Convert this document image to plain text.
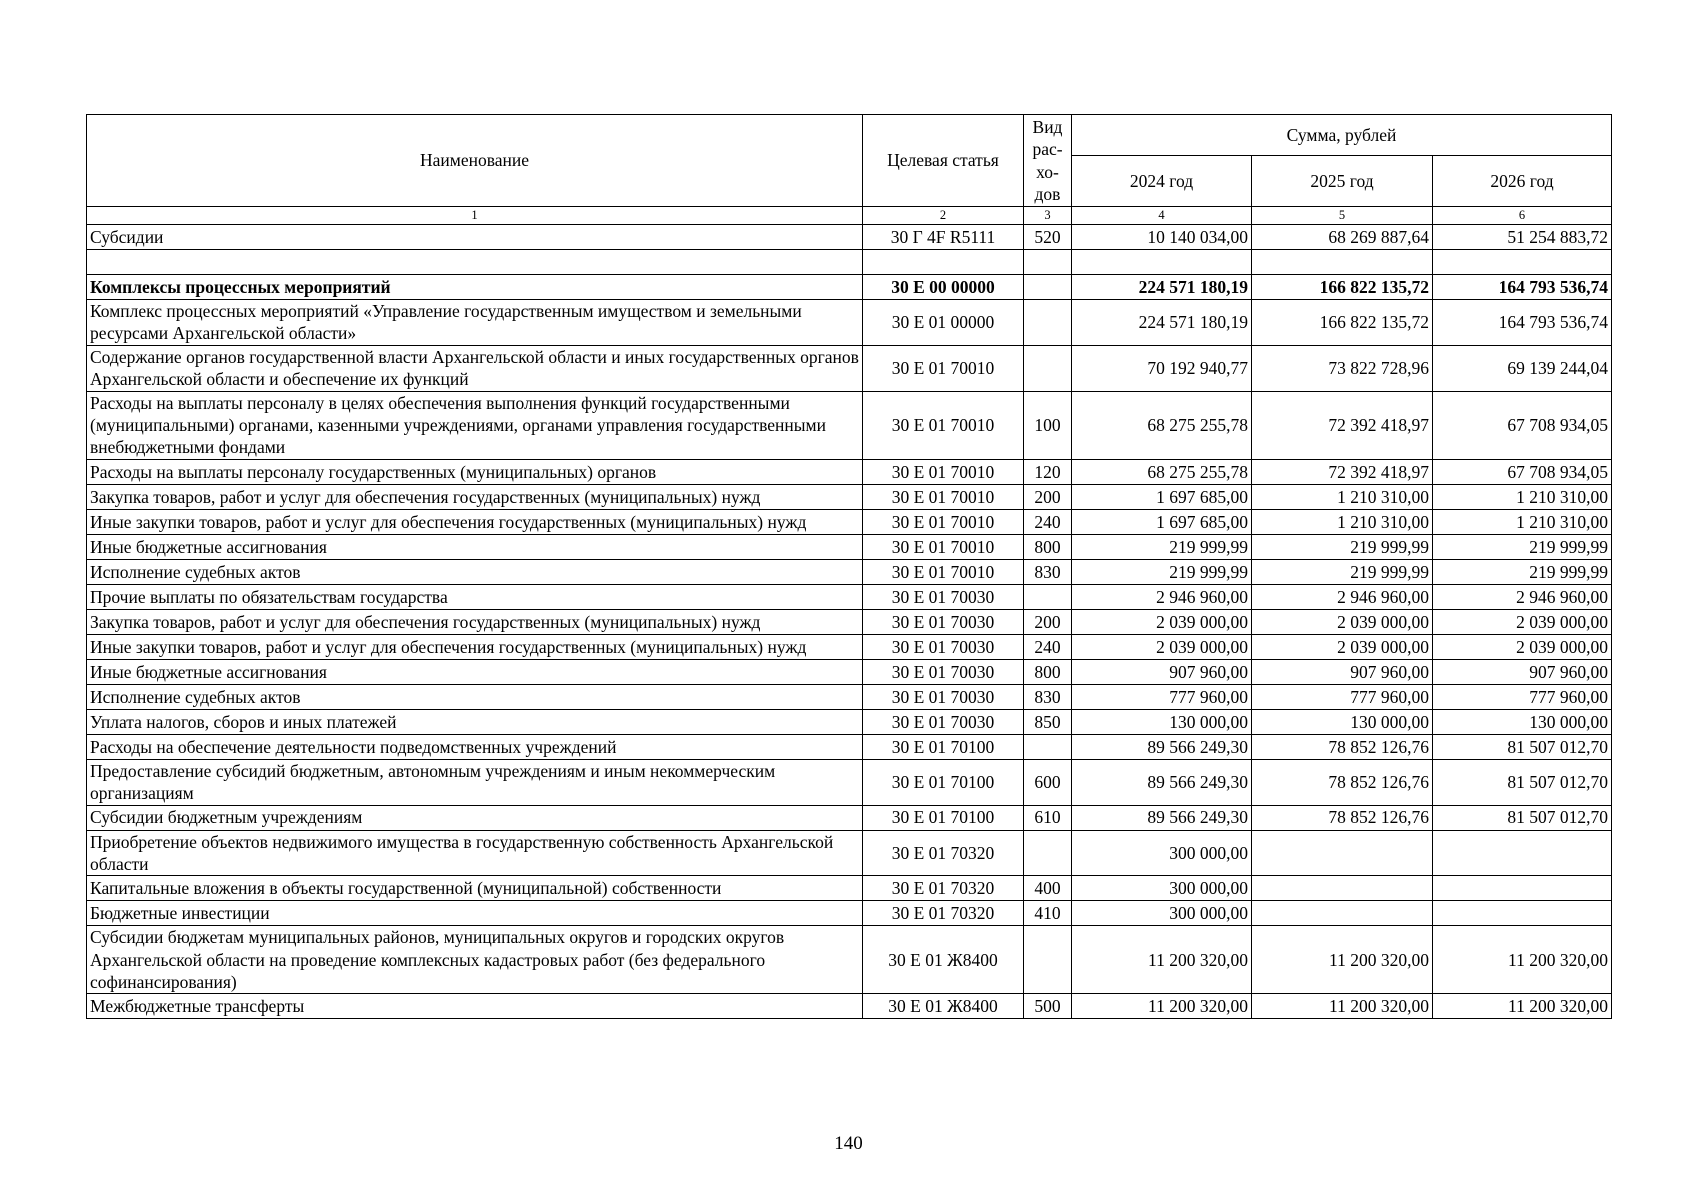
Наименование	Целевая статья	Вид рас-хо-дов	Сумма, рублей		
			2024 год	2025 год	2026 год
1	2	3	4	5	6
Субсидии	30 Г 4F R5111	520	10 140 034,00	68 269 887,64	51 254 883,72

Комплексы процессных мероприятий	30 Е 00 00000		224 571 180,19	166 822 135,72	164 793 536,74
Комплекс процессных мероприятий «Управление государственным имуществом и земельными ресурсами Архангельской области»	30 Е 01 00000		224 571 180,19	166 822 135,72	164 793 536,74
Содержание органов государственной власти Архангельской области и иных государственных органов Архангельской области и обеспечение их функций	30 Е 01 70010		70 192 940,77	73 822 728,96	69 139 244,04
Расходы на выплаты персоналу в целях обеспечения выполнения функций государственными (муниципальными) органами, казенными учреждениями, органами управления государственными внебюджетными фондами	30 Е 01 70010	100	68 275 255,78	72 392 418,97	67 708 934,05
Расходы на выплаты персоналу государственных (муниципальных) органов	30 Е 01 70010	120	68 275 255,78	72 392 418,97	67 708 934,05
Закупка товаров, работ и услуг для обеспечения государственных (муниципальных) нужд	30 Е 01 70010	200	1 697 685,00	1 210 310,00	1 210 310,00
Иные закупки товаров, работ и услуг для обеспечения государственных (муниципальных) нужд	30 Е 01 70010	240	1 697 685,00	1 210 310,00	1 210 310,00
Иные бюджетные ассигнования	30 Е 01 70010	800	219 999,99	219 999,99	219 999,99
Исполнение судебных актов	30 Е 01 70010	830	219 999,99	219 999,99	219 999,99
Прочие выплаты по обязательствам государства	30 Е 01 70030		2 946 960,00	2 946 960,00	2 946 960,00
Закупка товаров, работ и услуг для обеспечения государственных (муниципальных) нужд	30 Е 01 70030	200	2 039 000,00	2 039 000,00	2 039 000,00
Иные закупки товаров, работ и услуг для обеспечения государственных (муниципальных) нужд	30 Е 01 70030	240	2 039 000,00	2 039 000,00	2 039 000,00
Иные бюджетные ассигнования	30 Е 01 70030	800	907 960,00	907 960,00	907 960,00
Исполнение судебных актов	30 Е 01 70030	830	777 960,00	777 960,00	777 960,00
Уплата налогов, сборов и иных платежей	30 Е 01 70030	850	130 000,00	130 000,00	130 000,00
Расходы на обеспечение деятельности подведомственных учреждений	30 Е 01 70100		89 566 249,30	78 852 126,76	81 507 012,70
Предоставление субсидий бюджетным, автономным учреждениям и иным некоммерческим организациям	30 Е 01 70100	600	89 566 249,30	78 852 126,76	81 507 012,70
Субсидии бюджетным учреждениям	30 Е 01 70100	610	89 566 249,30	78 852 126,76	81 507 012,70
Приобретение объектов недвижимого имущества в государственную собственность Архангельской области	30 Е 01 70320		300 000,00		
Капитальные вложения в объекты государственной (муниципальной) собственности	30 Е 01 70320	400	300 000,00		
Бюджетные инвестиции	30 Е 01 70320	410	300 000,00		
Субсидии бюджетам муниципальных районов, муниципальных округов и городских округов Архангельской области на проведение комплексных кадастровых работ (без федерального софинансирования)	30 Е 01 Ж8400		11 200 320,00	11 200 320,00	11 200 320,00
Межбюджетные трансферты	30 Е 01 Ж8400	500	11 200 320,00	11 200 320,00	11 200 320,00
140
